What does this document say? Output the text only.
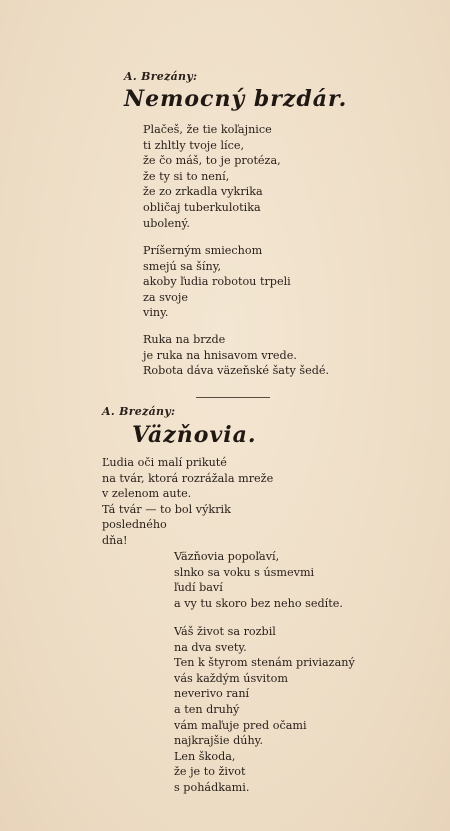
A. Brezány:
Nemocný brzdár.
Plačeš, že tie koľajnice
ti zhltly tvoje líce,
že čo máš, to je protéza,
že ty si to není,
že zo zrkadla vykrika
obličaj tuberkulotika
ubolený.
Príšerným smiechom
smejú sa šíny,
akoby ľudia robotou trpeli
za svoje
viny.
Ruka na brzde
je ruka na hnisavom vrede.
Robota dáva väzeňské šaty šedé.
A. Brezány:
Väzňovia.
Ľudia oči malí prikuté
na tvár, ktorá rozrážala mreže
v zelenom aute.
Tá tvár — to bol výkrik
posledného
dňa!
Väzňovia popoľaví,
slnko sa voku s úsmevmi
ľudí baví
a vy tu skoro bez neho sedíte.
Váš život sa rozbil
na dva svety.
Ten k štyrom stenám priviazaný
vás každým úsvitom
neverivo raní
a ten druhý
vám maľuje pred očami
najkrajšie dúhy.
Len škoda,
že je to život
s pohádkami.
